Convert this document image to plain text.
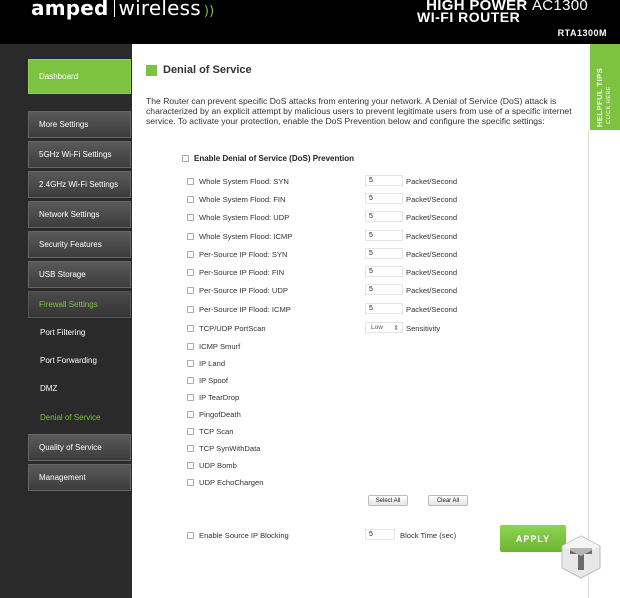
amped wireless ))	HIGH POWER AC1300
WI-FI ROUTER
RTA1300M
Dashboard
More Settings
5GHz Wi-Fi Settings
2.4GHz Wi-Fi Settings
Network Settings
Security Features
USB Storage
Firewall Settings
Port Filtering
Port Forwarding
DMZ
Denial of Service
Quality of Service
Management
Denial of Service
The Router can prevent specific DoS attacks from entering your network. A Denial of Service (DoS) attack is characterized by an explicit attempt by malicious users to prevent legitimate users from use of a specific internet service. To activate your protection, enable the DoS Prevention below and configure the specific settings:
Enable Denial of Service (DoS) Prevention
Whole System Flood: SYN	5	Packet/Second
Whole System Flood: FIN	5	Packet/Second
Whole System Flood: UDP	5	Packet/Second
Whole System Flood: ICMP	5	Packet/Second
Per-Source IP Flood: SYN	5	Packet/Second
Per-Source IP Flood: FIN	5	Packet/Second
Per-Source IP Flood: UDP	5	Packet/Second
Per-Source IP Flood: ICMP	5	Packet/Second
TCP/UDP PortScan	Low ⇕ Sensitivity
ICMP Smurf
IP Land
IP Spoof
IP TearDrop
PingofDeath
TCP Scan
TCP SynWithData
UDP Bomb
UDP EchoChargen
Select All	Clear All
Enable Source IP Blocking	5	Block Time (sec)	APPLY
HELPFUL TIPS CLICK HERE
